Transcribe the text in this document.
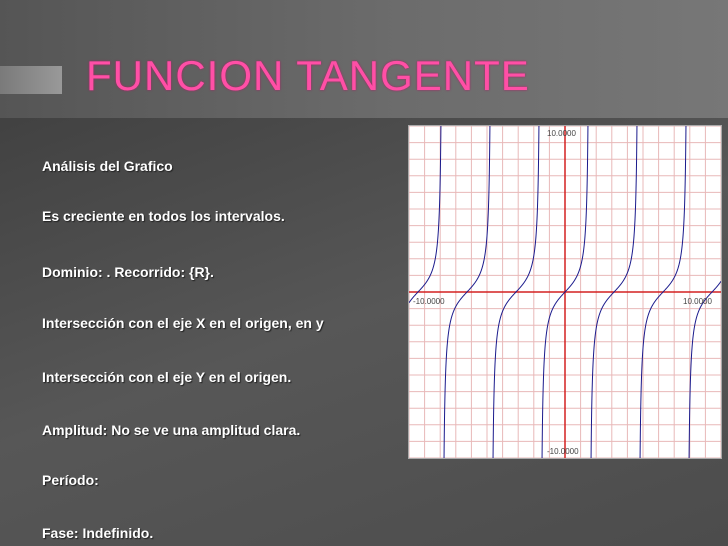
FUNCION TANGENTE
Análisis del Grafico
Es creciente en todos los intervalos.
Dominio: . Recorrido: {R}.
Intersección con el eje X en el origen, en y
Intersección con el eje Y en el origen.
Amplitud: No se ve una amplitud clara.
Período:
Fase: Indefinido.
10.0000
-10.0000
-10.0000	10.0000
